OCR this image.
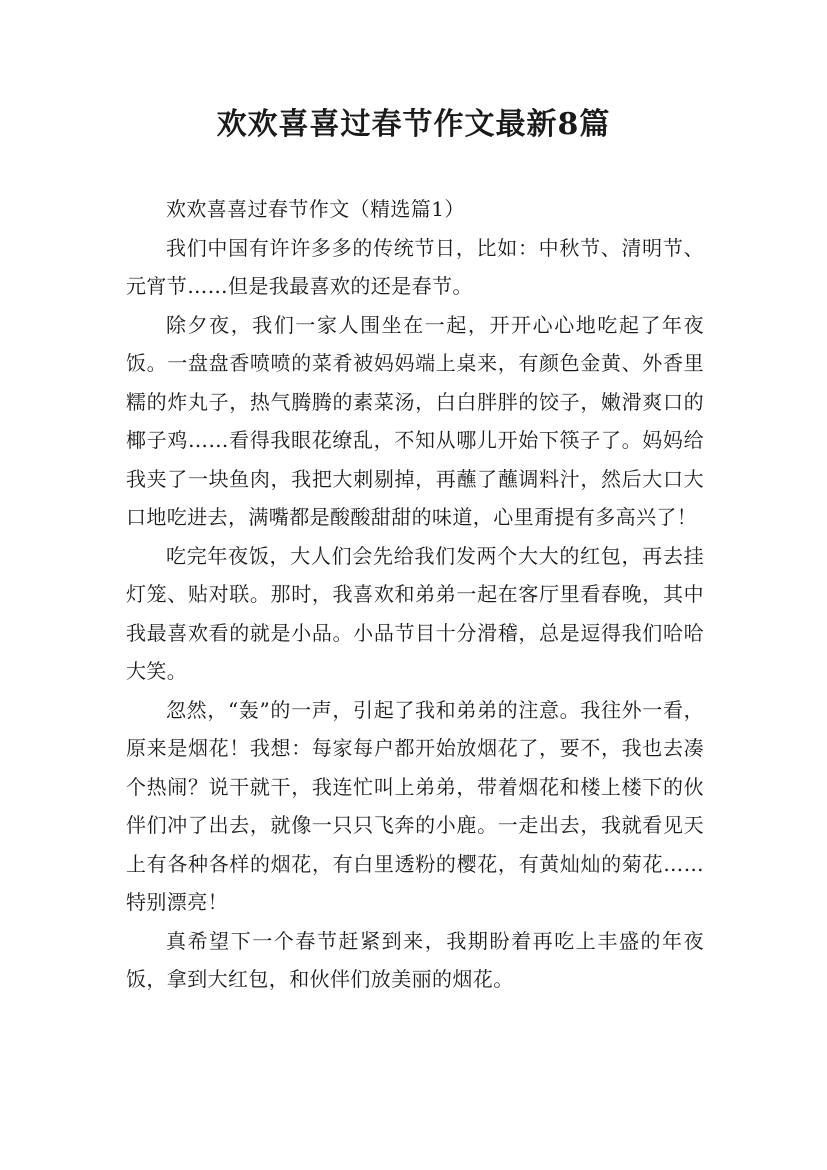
欢欢喜喜过春节作文最新8篇

欢欢喜喜过春节作文（精选篇1）

我们中国有许许多多的传统节日，比如：中秋节、清明节、元宵节……但是我最喜欢的还是春节。

除夕夜，我们一家人围坐在一起，开开心心地吃起了年夜饭。一盘盘香喷喷的菜肴被妈妈端上桌来，有颜色金黄、外香里糯的炸丸子，热气腾腾的素菜汤，白白胖胖的饺子，嫩滑爽口的椰子鸡……看得我眼花缭乱，不知从哪儿开始下筷子了。妈妈给我夹了一块鱼肉，我把大刺剔掉，再蘸了蘸调料汁，然后大口大口地吃进去，满嘴都是酸酸甜甜的味道，心里甭提有多高兴了！

吃完年夜饭，大人们会先给我们发两个大大的红包，再去挂灯笼、贴对联。那时，我喜欢和弟弟一起在客厅里看春晚，其中我最喜欢看的就是小品。小品节目十分滑稽，总是逗得我们哈哈大笑。

忽然，“轰”的一声，引起了我和弟弟的注意。我往外一看，原来是烟花！我想：每家每户都开始放烟花了，要不，我也去凑个热闹？说干就干，我连忙叫上弟弟，带着烟花和楼上楼下的伙伴们冲了出去，就像一只只飞奔的小鹿。一走出去，我就看见天上有各种各样的烟花，有白里透粉的樱花，有黄灿灿的菊花……特别漂亮！

真希望下一个春节赶紧到来，我期盼着再吃上丰盛的年夜饭，拿到大红包，和伙伴们放美丽的烟花。
